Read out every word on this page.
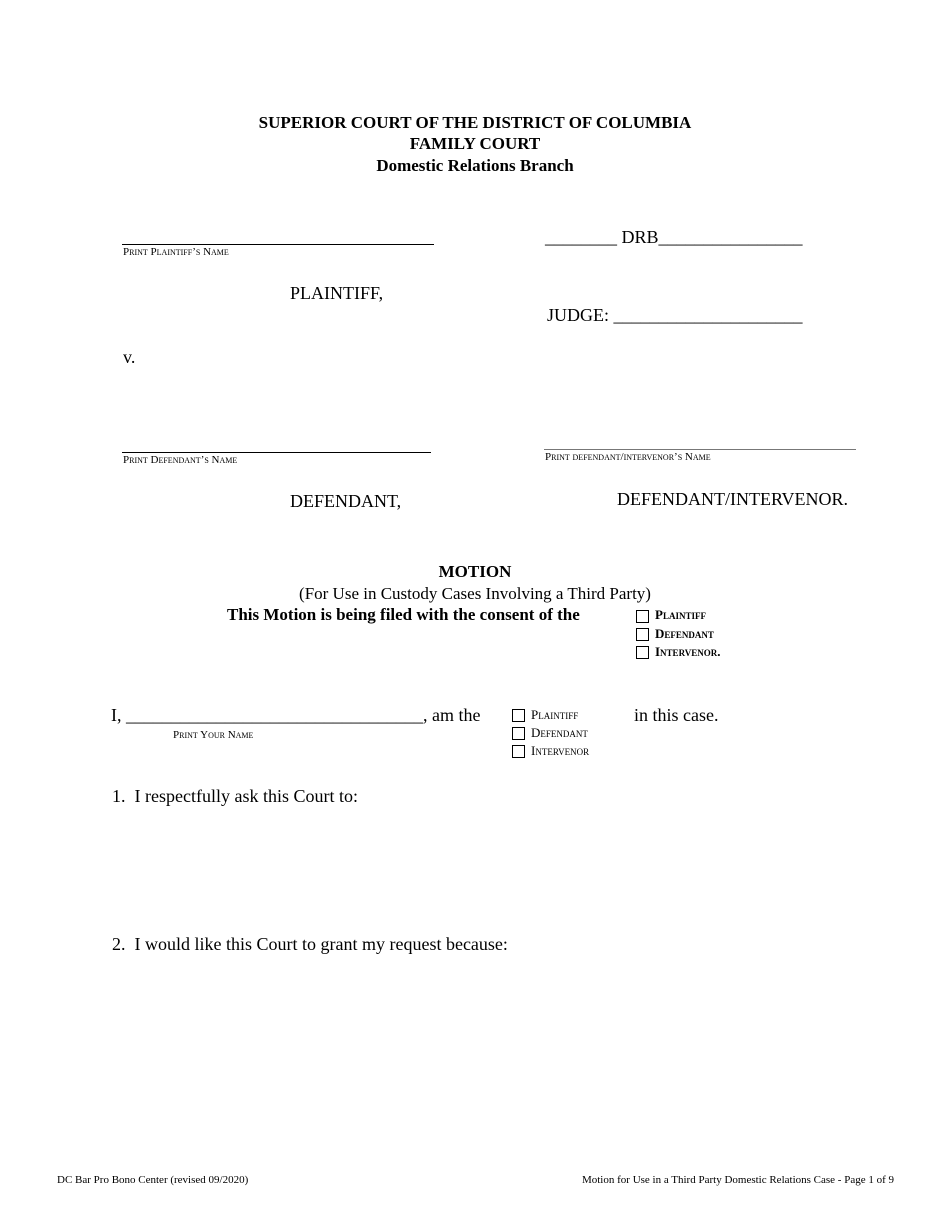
SUPERIOR COURT OF THE DISTRICT OF COLUMBIA
FAMILY COURT
Domestic Relations Branch
Print Plaintiff’s Name
PLAINTIFF,
________ DRB________________
JUDGE: _____________________
v.
Print Defendant’s Name
DEFENDANT,
Print defendant/intervenor’s Name
DEFENDANT/INTERVENOR.
MOTION
(For Use in Custody Cases Involving a Third Party)
This Motion is being filed with the consent of the	Plaintiff
Defendant
Intervenor.
I, _________________________________, am the
Print Your Name
Plaintiff
Defendant
Intervenor
in this case.
1. I respectfully ask this Court to:
2. I would like this Court to grant my request because:
DC Bar Pro Bono Center (revised 09/2020)	Motion for Use in a Third Party Domestic Relations Case - Page 1 of 9
